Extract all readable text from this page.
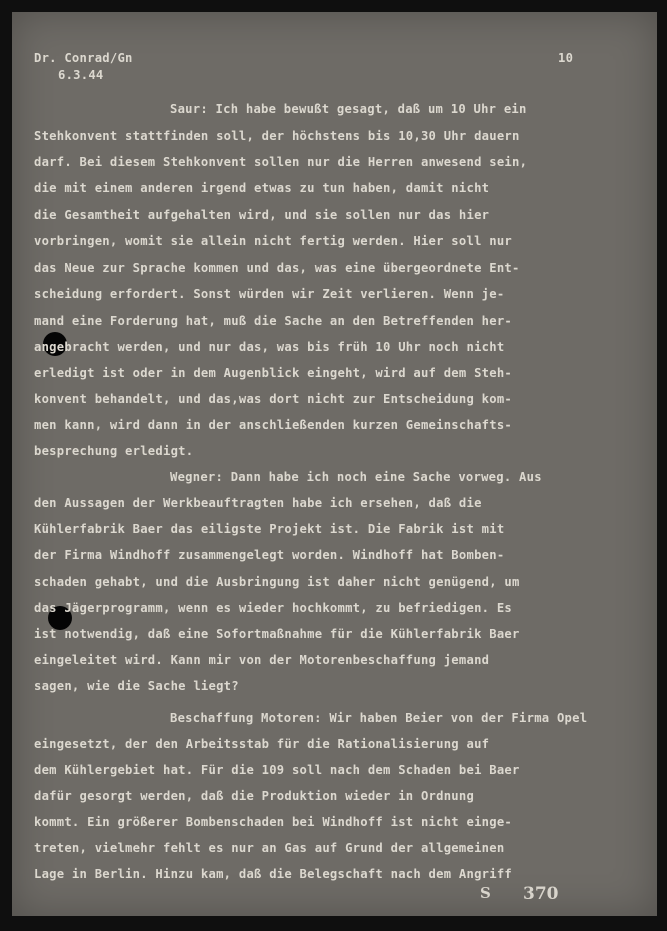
Dr. Conrad/Gn
6.3.44
10
Saur: Ich habe bewußt gesagt, daß um 10 Uhr ein
Stehkonvent stattfinden soll, der höchstens bis 10,30 Uhr dauern
darf. Bei diesem Stehkonvent sollen nur die Herren anwesend sein,
die mit einem anderen irgend etwas zu tun haben, damit nicht
die Gesamtheit aufgehalten wird, und sie sollen nur das hier
vorbringen, womit sie allein nicht fertig werden. Hier soll nur
das Neue zur Sprache kommen und das, was eine übergeordnete Ent-
scheidung erfordert. Sonst würden wir Zeit verlieren. Wenn je-
mand eine Forderung hat, muß die Sache an den Betreffenden her-
angebracht werden, und nur das, was bis früh 10 Uhr noch nicht
erledigt ist oder in dem Augenblick eingeht, wird auf dem Steh-
konvent behandelt, und das,was dort nicht zur Entscheidung kom-
men kann, wird dann in der anschließenden kurzen Gemeinschafts-
besprechung erledigt.
Wegner: Dann habe ich noch eine Sache vorweg. Aus
den Aussagen der Werkbeauftragten habe ich ersehen, daß die
Kühlerfabrik Baer das eiligste Projekt ist. Die Fabrik ist mit
der Firma Windhoff zusammengelegt worden. Windhoff hat Bomben-
schaden gehabt, und die Ausbringung ist daher nicht genügend, um
das Jägerprogramm, wenn es wieder hochkommt, zu befriedigen. Es
ist notwendig, daß eine Sofortmaßnahme für die Kühlerfabrik Baer
eingeleitet wird. Kann mir von der Motorenbeschaffung jemand
sagen, wie die Sache liegt?
Beschaffung Motoren: Wir haben Beier von der Firma Opel
eingesetzt, der den Arbeitsstab für die Rationalisierung auf
dem Kühlergebiet hat. Für die 109 soll nach dem Schaden bei Baer
dafür gesorgt werden, daß die Produktion wieder in Ordnung
kommt. Ein größerer Bombenschaden bei Windhoff ist nicht einge-
treten, vielmehr fehlt es nur an Gas auf Grund der allgemeinen
Lage in Berlin. Hinzu kam, daß die Belegschaft nach dem Angriff
S 370
